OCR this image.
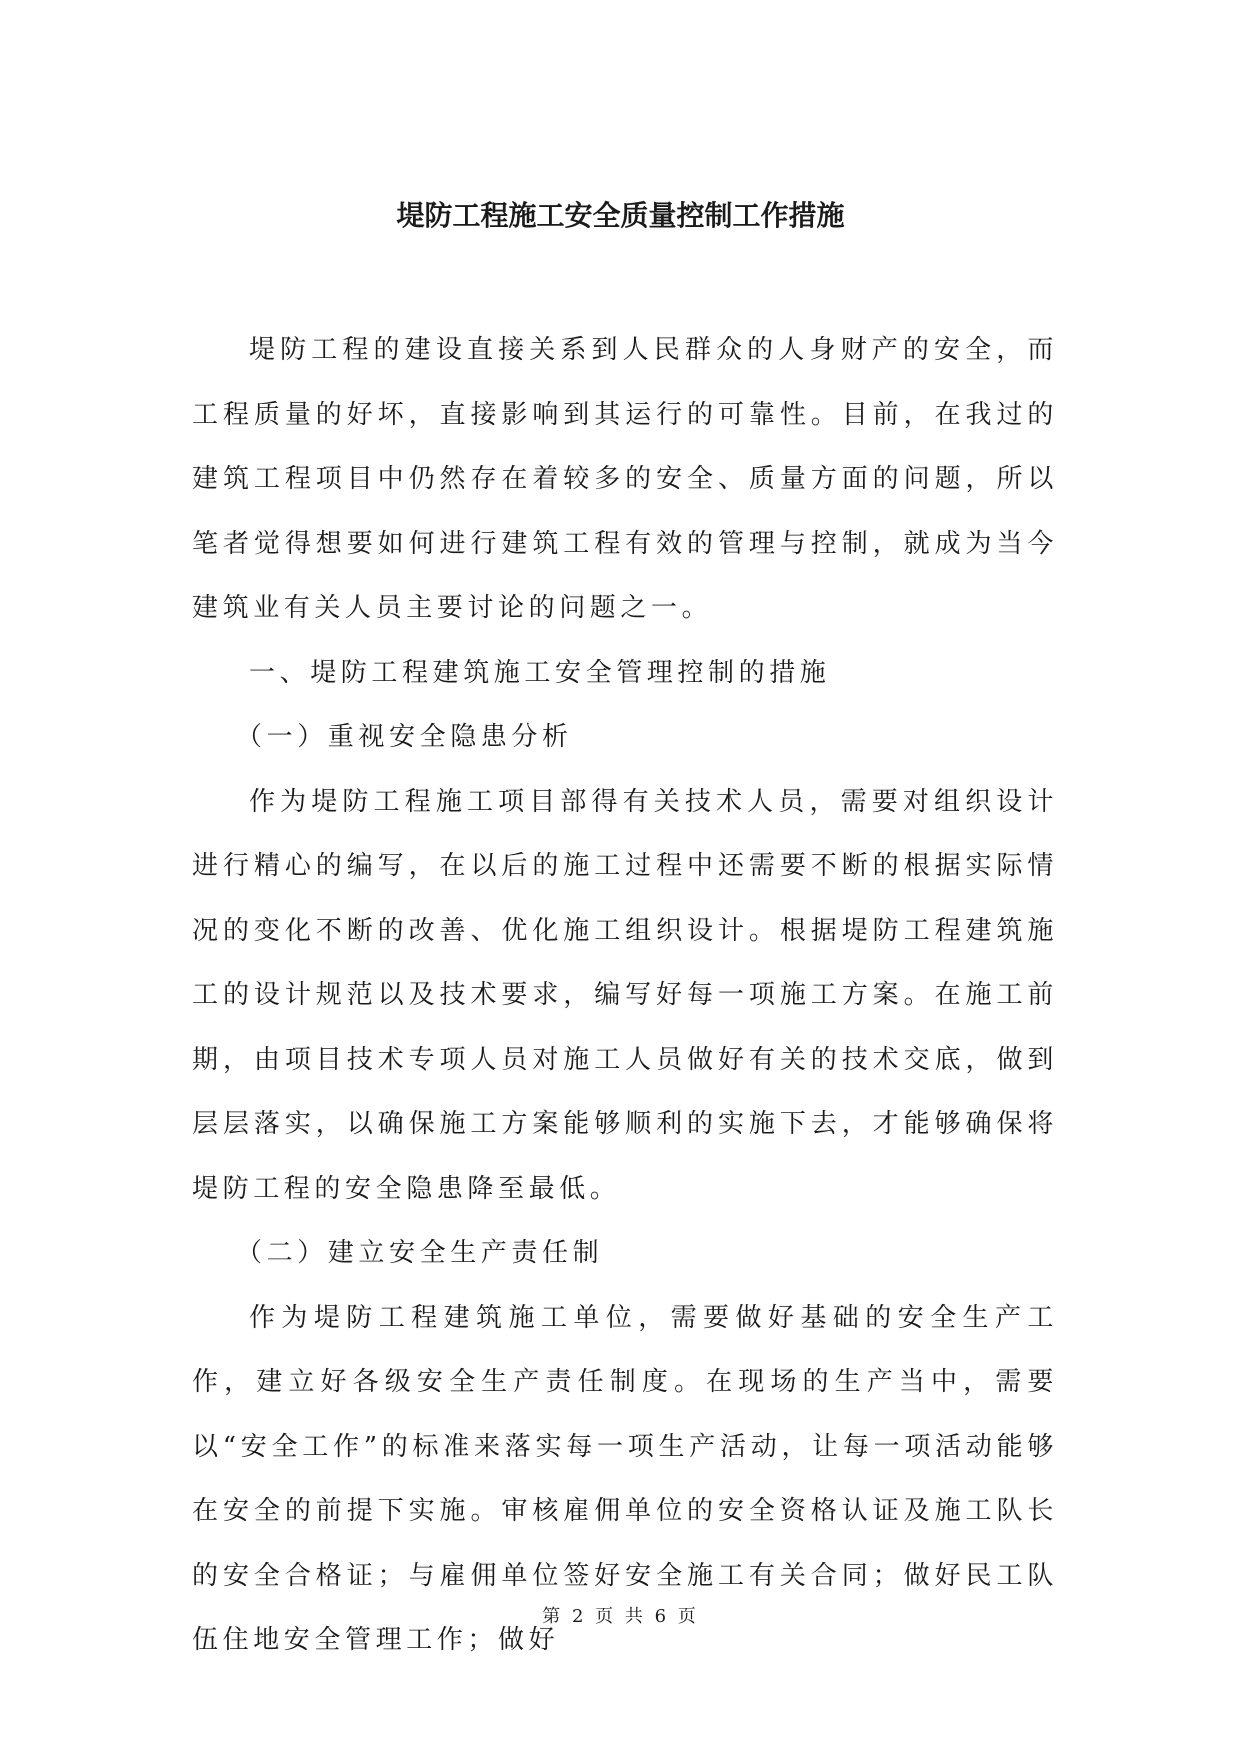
堤防工程施工安全质量控制工作措施

堤防工程的建设直接关系到人民群众的人身财产的安全，而工程质量的好坏，直接影响到其运行的可靠性。目前，在我过的建筑工程项目中仍然存在着较多的安全、质量方面的问题，所以笔者觉得想要如何进行建筑工程有效的管理与控制，就成为当今建筑业有关人员主要讨论的问题之一。

一、堤防工程建筑施工安全管理控制的措施

（一）重视安全隐患分析

作为堤防工程施工项目部得有关技术人员，需要对组织设计进行精心的编写，在以后的施工过程中还需要不断的根据实际情况的变化不断的改善、优化施工组织设计。根据堤防工程建筑施工的设计规范以及技术要求，编写好每一项施工方案。在施工前期，由项目技术专项人员对施工人员做好有关的技术交底，做到层层落实，以确保施工方案能够顺利的实施下去，才能够确保将堤防工程的安全隐患降至最低。

（二）建立安全生产责任制

作为堤防工程建筑施工单位，需要做好基础的安全生产工作，建立好各级安全生产责任制度。在现场的生产当中，需要以“安全工作”的标准来落实每一项生产活动，让每一项活动能够在安全的前提下实施。审核雇佣单位的安全资格认证及施工队长的安全合格证；与雇佣单位签好安全施工有关合同；做好民工队伍住地安全管理工作；做好

第 2 页 共 6 页
